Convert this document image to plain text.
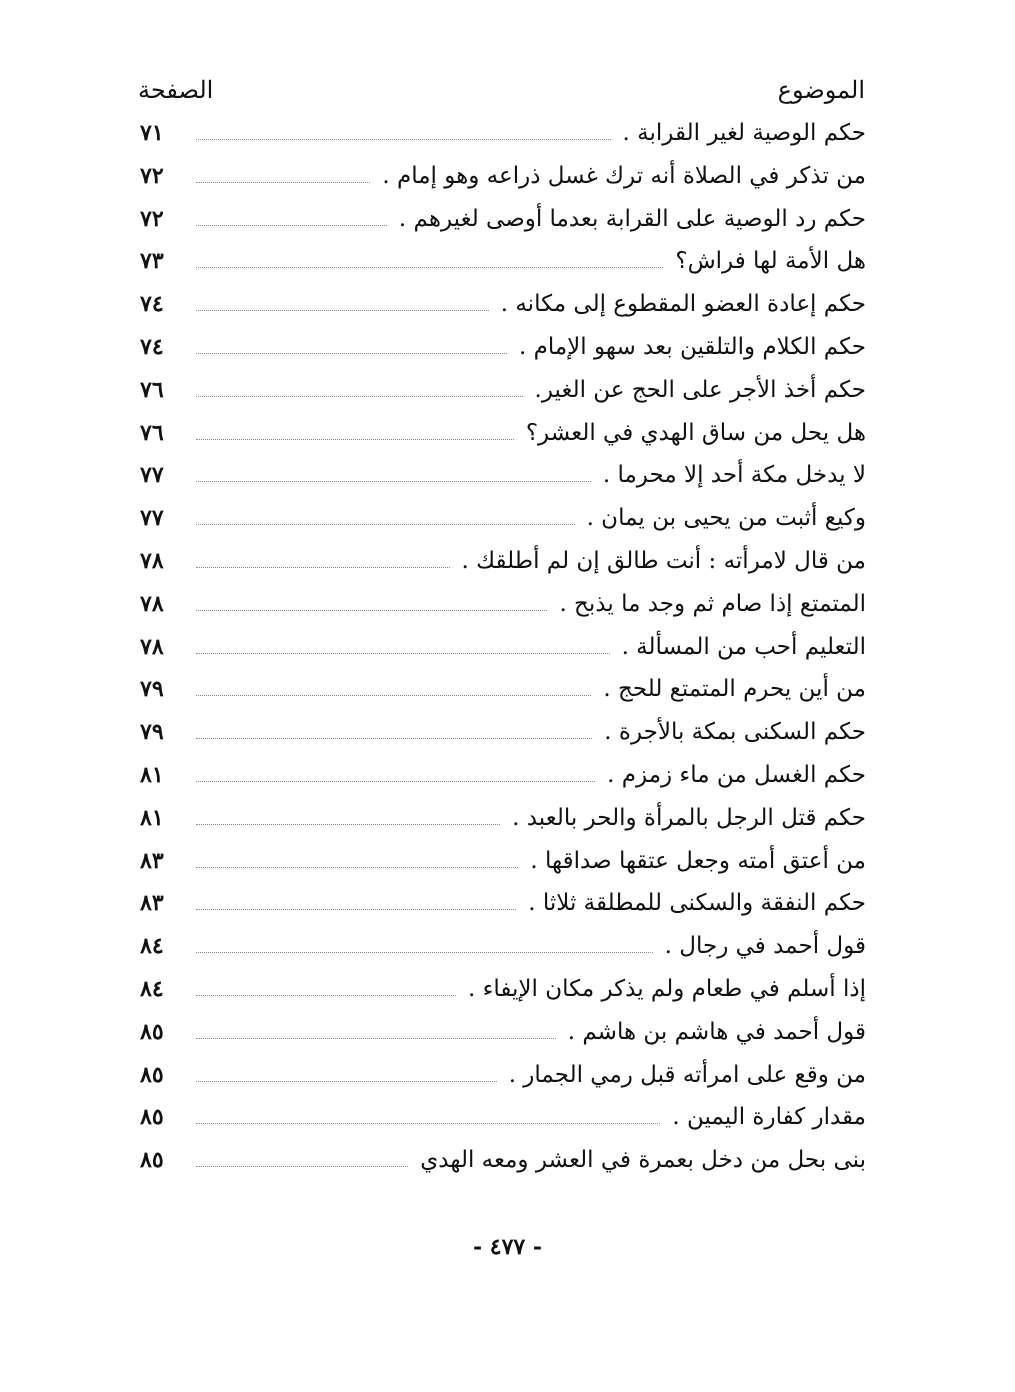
الموضوع
الصفحة
حكم الوصية لغير القرابة .
٧١
من تذكر في الصلاة أنه ترك غسل ذراعه وهو إمام .
٧٢
حكم رد الوصية على القرابة بعدما أوصى لغيرهم .
٧٢
هل الأمة لها فراش؟
٧٣
حكم إعادة العضو المقطوع إلى مكانه .
٧٤
حكم الكلام والتلقين بعد سهو الإمام .
٧٤
حكم أخذ الأجر على الحج عن الغير.
٧٦
هل يحل من ساق الهدي في العشر؟
٧٦
لا يدخل مكة أحد إلا محرما .
٧٧
وكيع أثبت من يحيى بن يمان .
٧٧
من قال لامرأته : أنت طالق إن لم أطلقك .
٧٨
المتمتع إذا صام ثم وجد ما يذبح .
٧٨
التعليم أحب من المسألة .
٧٨
من أين يحرم المتمتع للحج .
٧٩
حكم السكنى بمكة بالأجرة .
٧٩
حكم الغسل من ماء زمزم .
٨١
حكم قتل الرجل بالمرأة والحر بالعبد .
٨١
من أعتق أمته وجعل عتقها صداقها .
٨٣
حكم النفقة والسكنى للمطلقة ثلاثا .
٨٣
قول أحمد في رجال .
٨٤
إذا أسلم في طعام ولم يذكر مكان الإيفاء .
٨٤
قول أحمد في هاشم بن هاشم .
٨٥
من وقع على امرأته قبل رمي الجمار .
٨٥
مقدار كفارة اليمين .
٨٥
بنى بحل من دخل بعمرة في العشر ومعه الهدي
٨٥
- ٤٧٧ -
